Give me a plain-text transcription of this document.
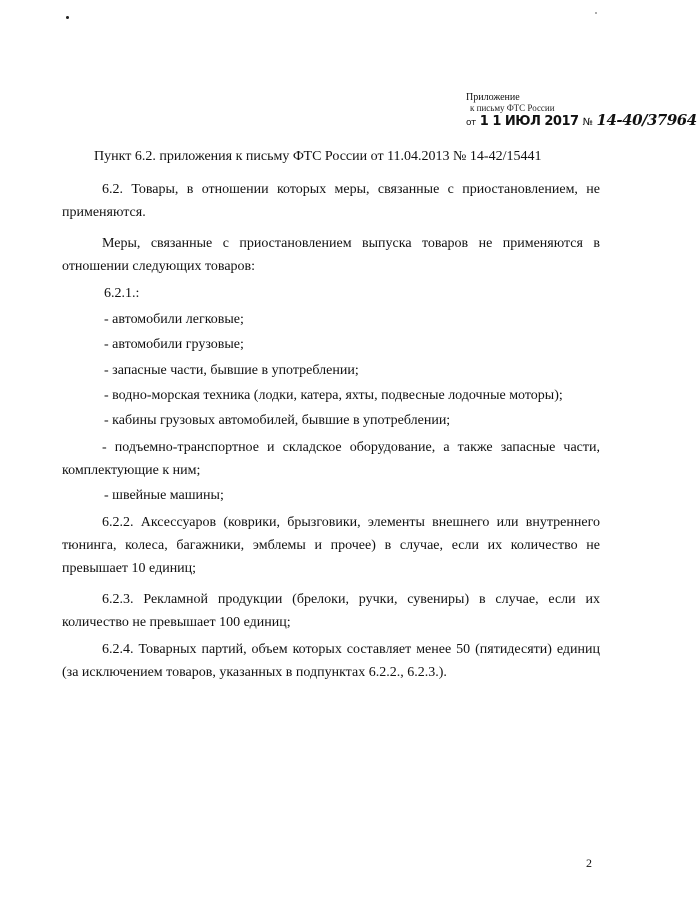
Приложение
к письму ФТС России
от 1 1 ИЮЛ 2017 № 14-40/37964
Пункт 6.2. приложения к письму ФТС России от 11.04.2013 № 14-42/15441
6.2. Товары, в отношении которых меры, связанные с приостановлением, не применяются.
Меры, связанные с приостановлением выпуска товаров не применяются в отношении следующих товаров:
6.2.1.:
- автомобили легковые;
- автомобили грузовые;
- запасные части, бывшие в употреблении;
- водно-морская техника (лодки, катера, яхты, подвесные лодочные моторы);
- кабины грузовых автомобилей, бывшие в употреблении;
- подъемно-транспортное и складское оборудование, а также запасные части, комплектующие к ним;
- швейные машины;
6.2.2. Аксессуаров (коврики, брызговики, элементы внешнего или внутреннего тюнинга, колеса, багажники, эмблемы и прочее) в случае, если их количество не превышает 10 единиц;
6.2.3. Рекламной продукции (брелоки, ручки, сувениры) в случае, если их количество не превышает 100 единиц;
6.2.4. Товарных партий, объем которых составляет менее 50 (пятидесяти) единиц (за исключением товаров, указанных в подпунктах 6.2.2., 6.2.3.).
2
